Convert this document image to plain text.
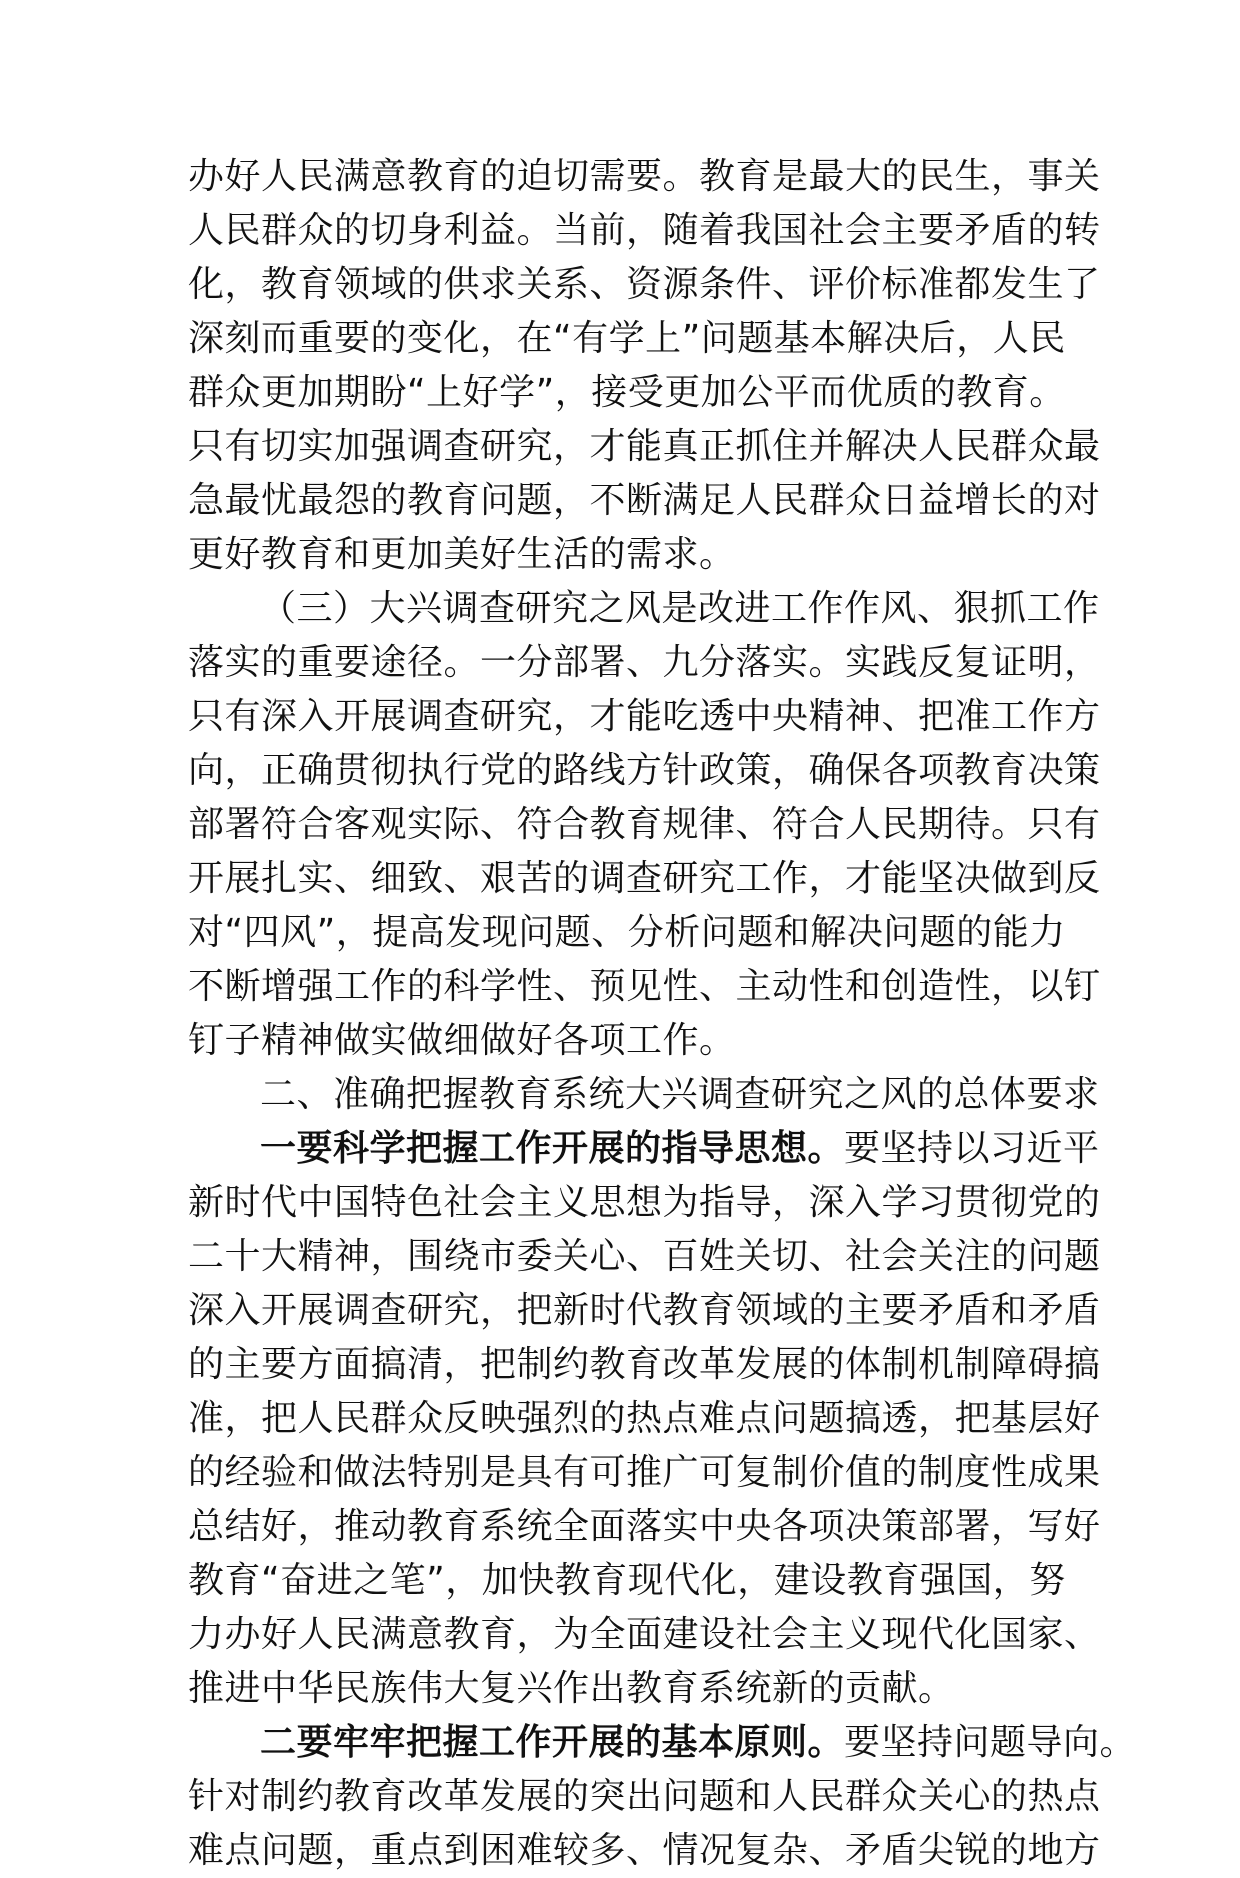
办好人民满意教育的迫切需要。教育是最大的民生，事关
人民群众的切身利益。当前，随着我国社会主要矛盾的转
化，教育领域的供求关系、资源条件、评价标准都发生了
深刻而重要的变化，在“有学上”问题基本解决后，人民
群众更加期盼“上好学”，接受更加公平而优质的教育。
只有切实加强调查研究，才能真正抓住并解决人民群众最
急最忧最怨的教育问题，不断满足人民群众日益增长的对
更好教育和更加美好生活的需求。
（三）大兴调查研究之风是改进工作作风、狠抓工作
落实的重要途径。一分部署、九分落实。实践反复证明，
只有深入开展调查研究，才能吃透中央精神、把准工作方
向，正确贯彻执行党的路线方针政策，确保各项教育决策
部署符合客观实际、符合教育规律、符合人民期待。只有
开展扎实、细致、艰苦的调查研究工作，才能坚决做到反
对“四风”，提高发现问题、分析问题和解决问题的能力
不断增强工作的科学性、预见性、主动性和创造性，以钉
钉子精神做实做细做好各项工作。
二、准确把握教育系统大兴调查研究之风的总体要求
一要科学把握工作开展的指导思想。要坚持以习近平
新时代中国特色社会主义思想为指导，深入学习贯彻党的
二十大精神，围绕市委关心、百姓关切、社会关注的问题
深入开展调查研究，把新时代教育领域的主要矛盾和矛盾
的主要方面搞清，把制约教育改革发展的体制机制障碍搞
准，把人民群众反映强烈的热点难点问题搞透，把基层好
的经验和做法特别是具有可推广可复制价值的制度性成果
总结好，推动教育系统全面落实中央各项决策部署，写好
教育“奋进之笔”，加快教育现代化，建设教育强国，努
力办好人民满意教育，为全面建设社会主义现代化国家、
推进中华民族伟大复兴作出教育系统新的贡献。
二要牢牢把握工作开展的基本原则。要坚持问题导向。
针对制约教育改革发展的突出问题和人民群众关心的热点
难点问题，重点到困难较多、情况复杂、矛盾尖锐的地方
